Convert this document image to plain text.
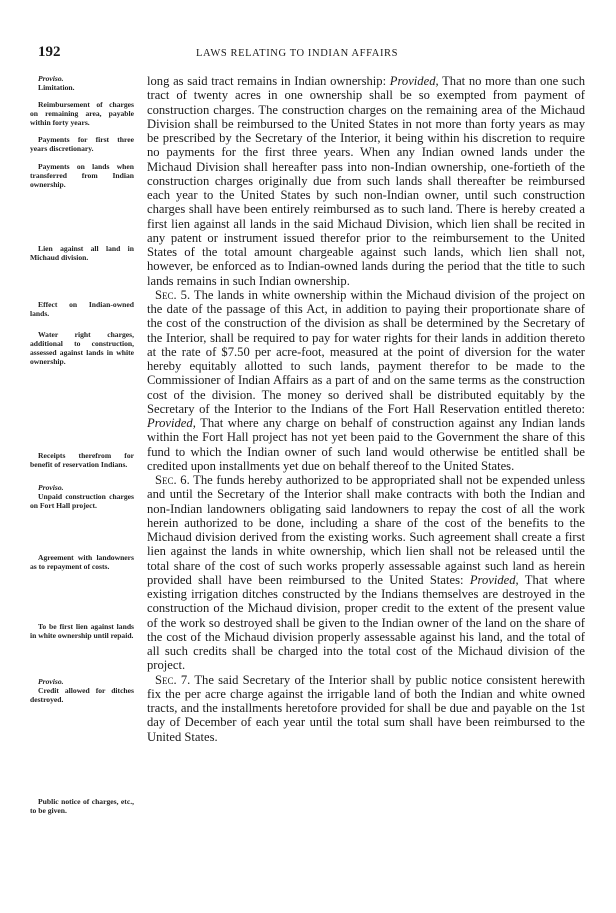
192	LAWS RELATING TO INDIAN AFFAIRS
Proviso.
Limitation.
Reimbursement of charges on remaining area, payable within forty years.
Payments for first three years discretionary.
Payments on lands when transferred from Indian ownership.
Lien against all land in Michaud division.
Effect on Indian-owned lands.
Water right charges, additional to construction, assessed against lands in white ownership.
Receipts therefrom for benefit of reservation Indians.
Proviso.
Unpaid construction charges on Fort Hall project.
Agreement with landowners as to repayment of costs.
To be first lien against lands in white ownership until repaid.
Proviso.
Credit allowed for ditches destroyed.
Public notice of charges, etc., to be given.

long as said tract remains in Indian ownership: Provided, That no more than one such tract of twenty acres in one ownership shall be so exempted from payment of construction charges. The construction charges on the remaining area of the Michaud Division shall be reimbursed to the United States in not more than forty years as may be prescribed by the Secretary of the Interior, it being within his discretion to require no payments for the first three years. When any Indian owned lands under the Michaud Division shall hereafter pass into non-Indian ownership, one-fortieth of the construction charges originally due from such lands shall thereafter be reimbursed each year to the United States by such non-Indian owner, until such construction charges shall have been entirely reimbursed as to such land. There is hereby created a first lien against all lands in the said Michaud Division, which lien shall be recited in any patent or instrument issued therefor prior to the reimbursement to the United States of the total amount chargeable against such lands, which lien shall not, however, be enforced as to Indian-owned lands during the period that the title to such lands remains in such Indian ownership.

Sec. 5. The lands in white ownership within the Michaud division of the project on the date of the passage of this Act, in addition to paying their proportionate share of the cost of the construction of the division as shall be determined by the Secretary of the Interior, shall be required to pay for water rights for their lands in addition thereto at the rate of $7.50 per acre-foot, measured at the point of diversion for the water hereby equitably allotted to such lands, payment therefor to be made to the Commissioner of Indian Affairs as a part of and on the same terms as the construction cost of the division. The money so derived shall be distributed equitably by the Secretary of the Interior to the Indians of the Fort Hall Reservation entitled thereto: Provided, That where any charge on behalf of construction against any Indian lands within the Fort Hall project has not yet been paid to the Government the share of this fund to which the Indian owner of such land would otherwise be entitled shall be credited upon installments yet due on behalf thereof to the United States.

Sec. 6. The funds hereby authorized to be appropriated shall not be expended unless and until the Secretary of the Interior shall make contracts with both the Indian and non-Indian landowners obligating said landowners to repay the cost of all the work herein authorized to be done, including a share of the cost of the benefits to the Michaud division derived from the existing works. Such agreement shall create a first lien against the lands in white ownership, which lien shall not be released until the total share of the cost of such works properly assessable against such land as herein provided shall have been reimbursed to the United States: Provided, That where existing irrigation ditches constructed by the Indians themselves are destroyed in the construction of the Michaud division, proper credit to the extent of the present value of the work so destroyed shall be given to the Indian owner of the land on the share of the cost of the Michaud division properly assessable against his land, and the total of all such credits shall be charged into the total cost of the Michaud division of the project.

Sec. 7. The said Secretary of the Interior shall by public notice consistent herewith fix the per acre charge against the irrigable land of both the Indian and white owned tracts, and the installments heretofore provided for shall be due and payable on the 1st day of December of each year until the total sum shall have been reimbursed to the United States.
